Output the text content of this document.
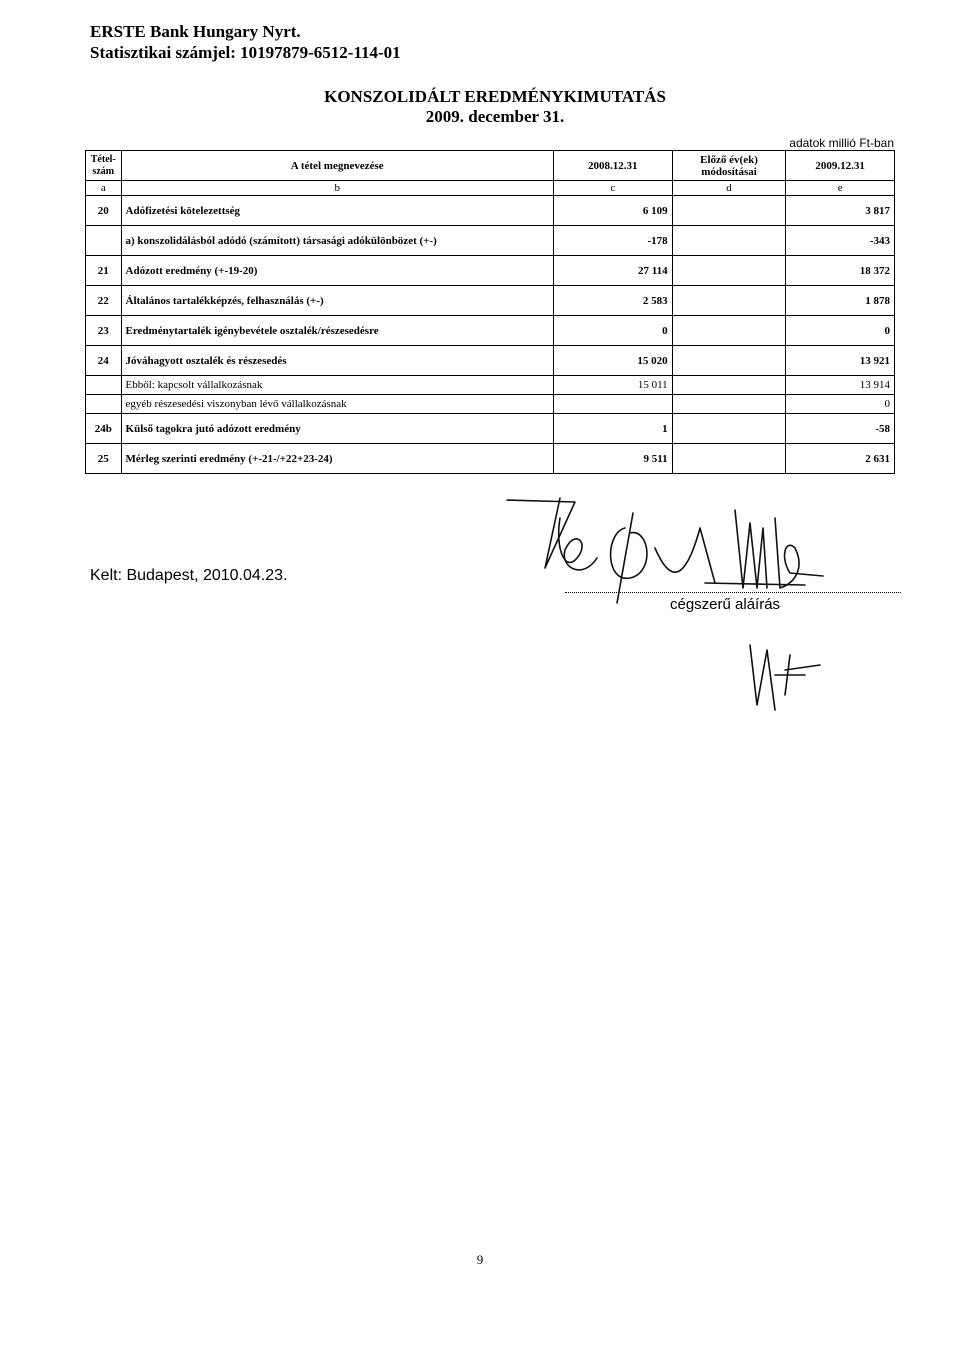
ERSTE Bank Hungary Nyrt.
Statisztikai számjel: 10197879-6512-114-01
KONSZOLIDÁLT EREDMÉNYKIMUTATÁS
2009. december 31.
adatok millió Ft-ban
Tétel-szám	A tétel megnevezése	2008.12.31	Előző év(ek) módosításai	2009.12.31
a	b	c	d	e
20	Adófizetési kötelezettség	6 109		3 817
	a) konszolidálásból adódó (számított) társasági adókülönbözet (+-)	-178		-343
21	Adózott eredmény (+-19-20)	27 114		18 372
22	Általános tartalékképzés, felhasználás (+-)	2 583		1 878
23	Eredménytartalék igénybevétele osztalék/részesedésre	0		0
24	Jóváhagyott osztalék és részesedés	15 020		13 921
	Ebből: kapcsolt vállalkozásnak	15 011		13 914
	egyéb részesedési viszonyban lévő vállalkozásnak			0
24b	Külső tagokra jutó adózott eredmény	1		-58
25	Mérleg szerinti eredmény (+-21-/+22+23-24)	9 511		2 631
Kelt: Budapest, 2010.04.23.
cégszerű aláírás
9
